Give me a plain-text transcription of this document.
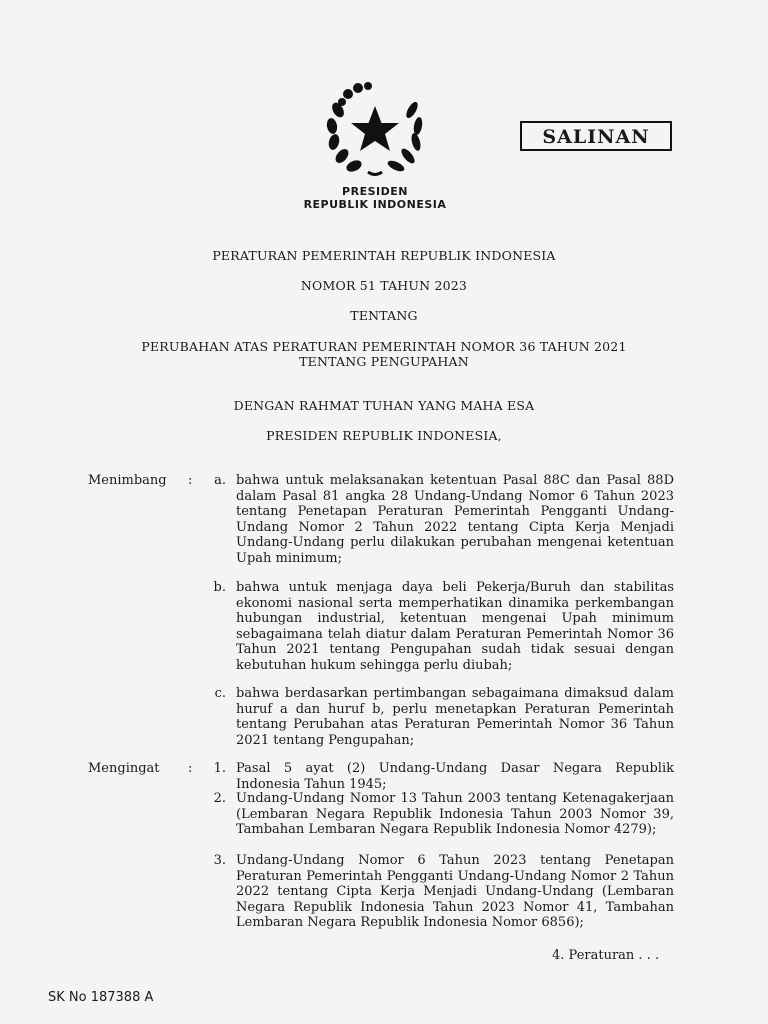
PRESIDEN
REPUBLIK INDONESIA
SALINAN
PERATURAN PEMERINTAH REPUBLIK INDONESIA
NOMOR 51 TAHUN 2023
TENTANG
PERUBAHAN ATAS PERATURAN PEMERINTAH NOMOR 36 TAHUN 2021
TENTANG PENGUPAHAN
DENGAN RAHMAT TUHAN YANG MAHA ESA
PRESIDEN REPUBLIK INDONESIA,
Menimbang :	a. bahwa untuk melaksanakan ketentuan Pasal 88C dan Pasal 88D dalam Pasal 81 angka 28 Undang-Undang Nomor 6 Tahun 2023 tentang Penetapan Peraturan Pemerintah Pengganti Undang-Undang Nomor 2 Tahun 2022 tentang Cipta Kerja Menjadi Undang-Undang perlu dilakukan perubahan mengenai ketentuan Upah minimum;
b. bahwa untuk menjaga daya beli Pekerja/Buruh dan stabilitas ekonomi nasional serta memperhatikan dinamika perkembangan hubungan industrial, ketentuan mengenai Upah minimum sebagaimana telah diatur dalam Peraturan Pemerintah Nomor 36 Tahun 2021 tentang Pengupahan sudah tidak sesuai dengan kebutuhan hukum sehingga perlu diubah;
c. bahwa berdasarkan pertimbangan sebagaimana dimaksud dalam huruf a dan huruf b, perlu menetapkan Peraturan Pemerintah tentang Perubahan atas Peraturan Pemerintah Nomor 36 Tahun 2021 tentang Pengupahan;
Mengingat :	1. Pasal 5 ayat (2) Undang-Undang Dasar Negara Republik Indonesia Tahun 1945;
2. Undang-Undang Nomor 13 Tahun 2003 tentang Ketenagakerjaan (Lembaran Negara Republik Indonesia Tahun 2003 Nomor 39, Tambahan Lembaran Negara Republik Indonesia Nomor 4279);
3. Undang-Undang Nomor 6 Tahun 2023 tentang Penetapan Peraturan Pemerintah Pengganti Undang-Undang Nomor 2 Tahun 2022 tentang Cipta Kerja Menjadi Undang-Undang (Lembaran Negara Republik Indonesia Tahun 2023 Nomor 41, Tambahan Lembaran Negara Republik Indonesia Nomor 6856);
4. Peraturan . . .
SK No 187388 A
